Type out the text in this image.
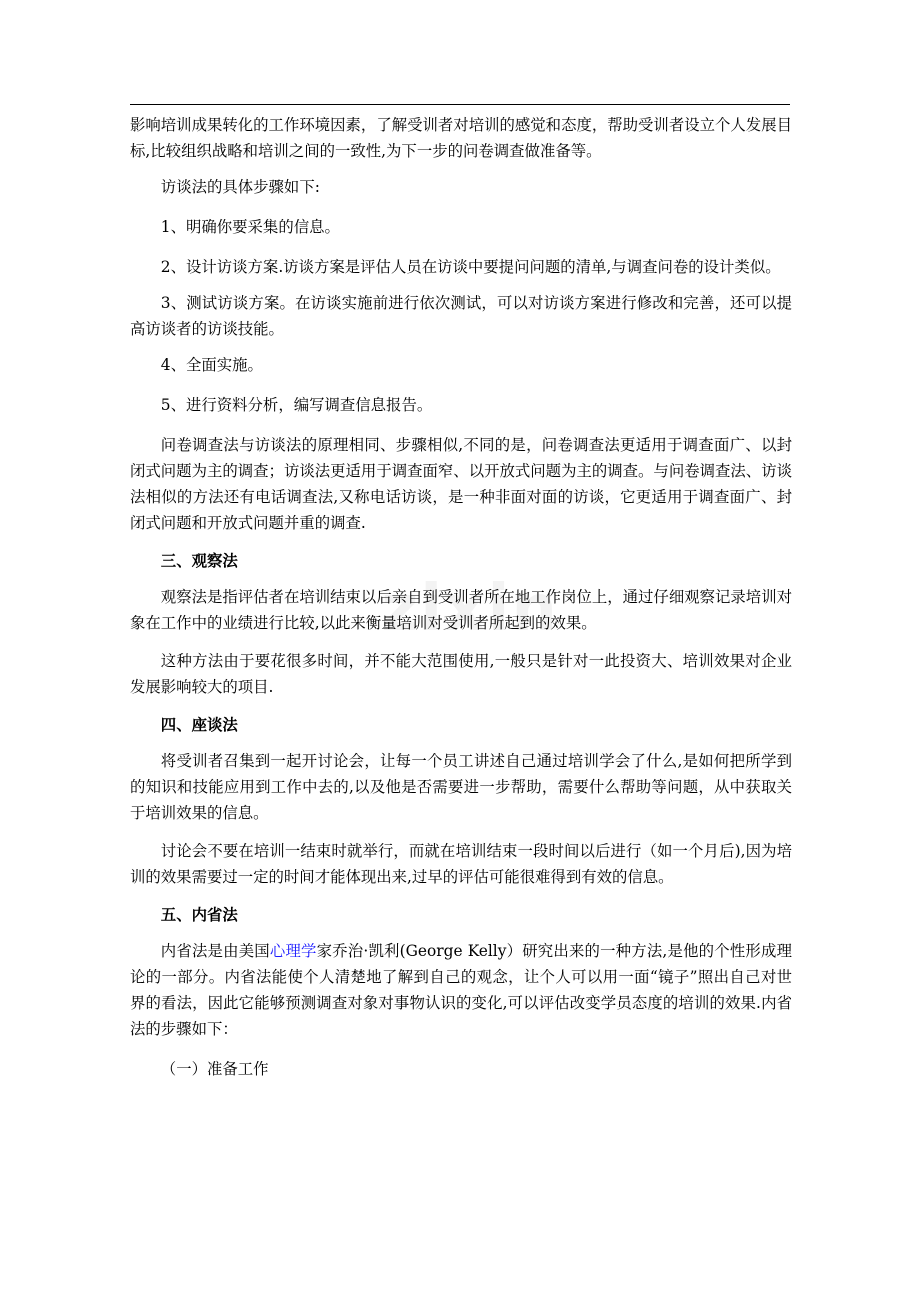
影响培训成果转化的工作环境因素，了解受训者对培训的感觉和态度，帮助受训者设立个人发展目标,比较组织战略和培训之间的一致性,为下一步的问卷调查做准备等。

访谈法的具体步骤如下:

1、明确你要采集的信息。

2、设计访谈方案.访谈方案是评估人员在访谈中要提问问题的清单,与调查问卷的设计类似。

3、测试访谈方案。在访谈实施前进行依次测试，可以对访谈方案进行修改和完善，还可以提高访谈者的访谈技能。

4、全面实施。

5、进行资料分析，编写调查信息报告。

问卷调查法与访谈法的原理相同、步骤相似,不同的是，问卷调查法更适用于调查面广、以封闭式问题为主的调查；访谈法更适用于调查面窄、以开放式问题为主的调查。与问卷调查法、访谈法相似的方法还有电话调查法,又称电话访谈，是一种非面对面的访谈，它更适用于调查面广、封闭式问题和开放式问题并重的调查.

三、观察法

观察法是指评估者在培训结束以后亲自到受训者所在地工作岗位上，通过仔细观察记录培训对象在工作中的业绩进行比较,以此来衡量培训对受训者所起到的效果。

这种方法由于要花很多时间，并不能大范围使用,一般只是针对一此投资大、培训效果对企业发展影响较大的项目.

四、座谈法

将受训者召集到一起开讨论会，让每一个员工讲述自己通过培训学会了什么,是如何把所学到的知识和技能应用到工作中去的,以及他是否需要进一步帮助，需要什么帮助等问题，从中获取关于培训效果的信息。

讨论会不要在培训一结束时就举行，而就在培训结束一段时间以后进行（如一个月后),因为培训的效果需要过一定的时间才能体现出来,过早的评估可能很难得到有效的信息。

五、内省法

内省法是由美国心理学家乔治·凯利(George Kelly）研究出来的一种方法,是他的个性形成理论的一部分。内省法能使个人清楚地了解到自己的观念，让个人可以用一面“镜子”照出自己对世界的看法，因此它能够预测调查对象对事物认识的变化,可以评估改变学员态度的培训的效果.内省法的步骤如下：

（一）准备工作
